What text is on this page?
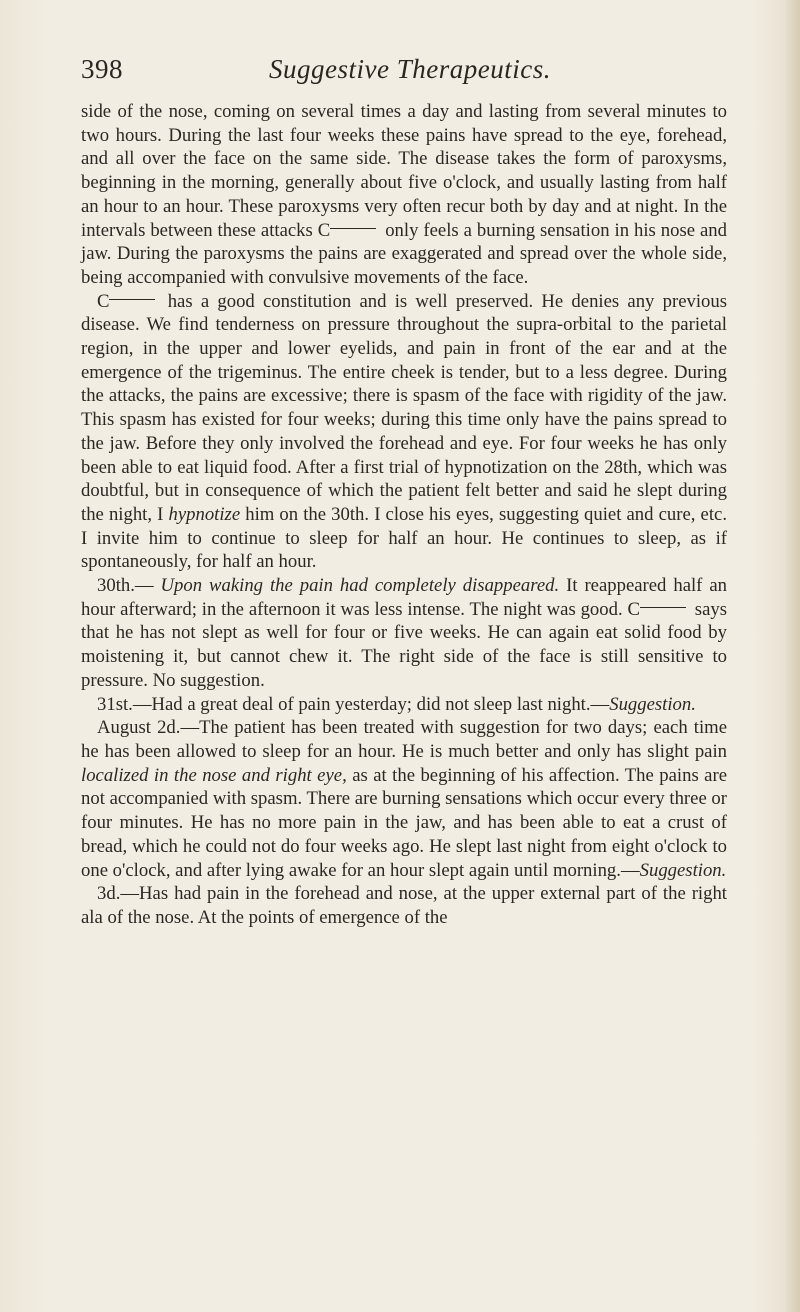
398	Suggestive Therapeutics.

side of the nose, coming on several times a day and lasting from several minutes to two hours. During the last four weeks these pains have spread to the eye, forehead, and all over the face on the same side. The disease takes the form of paroxysms, beginning in the morning, generally about five o'clock, and usually lasting from half an hour to an hour. These paroxysms very often recur both by day and at night. In the intervals between these attacks C	only feels a burning sensation in his nose and jaw. During the paroxysms the pains are exaggerated and spread over the whole side, being accompanied with convulsive movements of the face.

C	has a good constitution and is well preserved. He denies any previous disease. We find tenderness on pressure throughout the supra-orbital to the parietal region, in the upper and lower eyelids, and pain in front of the ear and at the emergence of the trigeminus. The entire cheek is tender, but to a less degree. During the attacks, the pains are excessive; there is spasm of the face with rigidity of the jaw. This spasm has existed for four weeks; during this time only have the pains spread to the jaw. Before they only involved the forehead and eye. For four weeks he has only been able to eat liquid food. After a first trial of hypnotization on the 28th, which was doubtful, but in consequence of which the patient felt better and said he slept during the night, I hypnotize him on the 30th. I close his eyes, suggesting quiet and cure, etc. I invite him to continue to sleep for half an hour. He continues to sleep, as if spontaneously, for half an hour.

30th.— Upon waking the pain had completely disappeared. It reappeared half an hour afterward; in the afternoon it was less intense. The night was good. C	says that he has not slept as well for four or five weeks. He can again eat solid food by moistening it, but cannot chew it. The right side of the face is still sensitive to pressure. No suggestion.

31st.—Had a great deal of pain yesterday; did not sleep last night.—Suggestion.

August 2d.—The patient has been treated with suggestion for two days; each time he has been allowed to sleep for an hour. He is much better and only has slight pain localized in the nose and right eye, as at the beginning of his affection. The pains are not accompanied with spasm. There are burning sensations which occur every three or four minutes. He has no more pain in the jaw, and has been able to eat a crust of bread, which he could not do four weeks ago. He slept last night from eight o'clock to one o'clock, and after lying awake for an hour slept again until morning.—Suggestion.

3d.—Has had pain in the forehead and nose, at the upper external part of the right ala of the nose. At the points of emergence of the
